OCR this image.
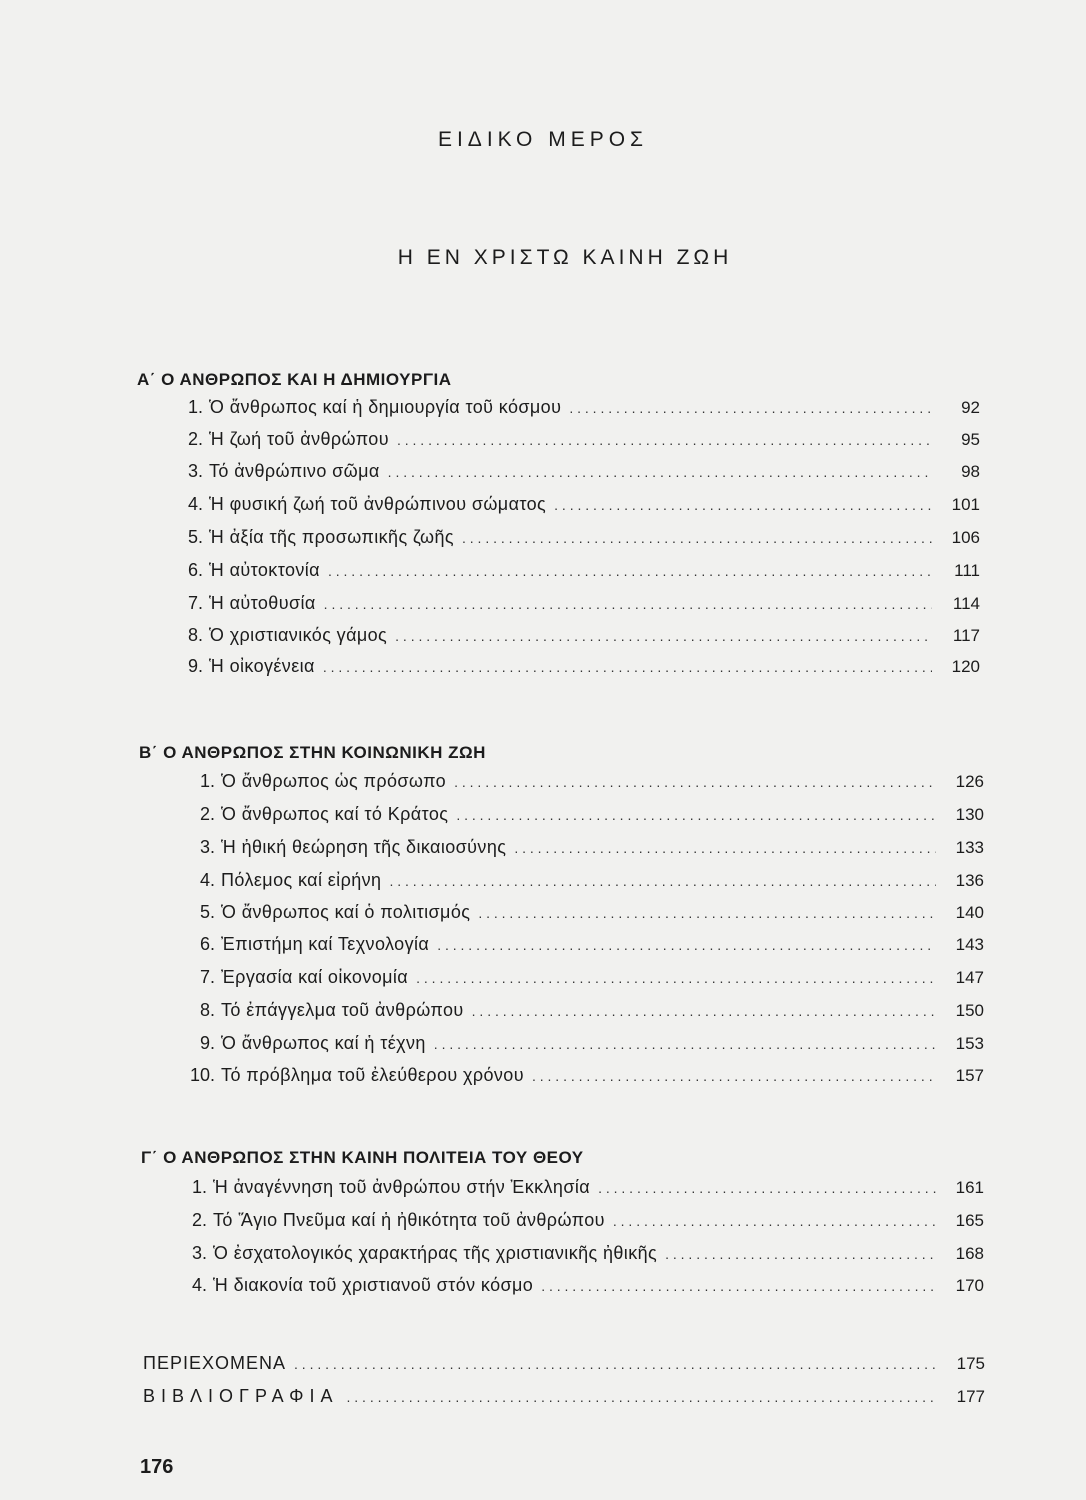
ΕΙΔΙΚΟ ΜΕΡΟΣ
Η ΕΝ ΧΡΙΣΤΩ ΚΑΙΝΗ ΖΩΗ
Α΄ Ο ΑΝΘΡΩΠΟΣ ΚΑΙ Η ΔΗΜΙΟΥΡΓΙΑ
1. Ὁ ἄνθρωπος καί ἡ δημιουργία τοῦ κόσμου . . .	92
2. Ἡ ζωή τοῦ ἀνθρώπου . . .	95
3. Τό ἀνθρώπινο σῶμα . . .	98
4. Ἡ φυσική ζωή τοῦ ἀνθρώπινου σώματος . . .	101
5. Ἡ ἀξία τῆς προσωπικῆς ζωῆς . . .	106
6. Ἡ αὐτοκτονία . . .	111
7. Ἡ αὐτοθυσία . . .	114
8. Ὁ χριστιανικός γάμος . . .	117
9. Ἡ οἰκογένεια . . .	120
Β΄ Ο ΑΝΘΡΩΠΟΣ ΣΤΗΝ ΚΟΙΝΩΝΙΚΗ ΖΩΗ
1. Ὁ ἄνθρωπος ὡς πρόσωπο . . .	126
2. Ὁ ἄνθρωπος καί τό Κράτος . . .	130
3. Ἡ ἠθική θεώρηση τῆς δικαιοσύνης . . .	133
4. Πόλεμος καί εἰρήνη . . .	136
5. Ὁ ἄνθρωπος καί ὁ πολιτισμός . . .	140
6. Ἐπιστήμη καί Τεχνολογία . . .	143
7. Ἐργασία καί οἰκονομία . . .	147
8. Τό ἐπάγγελμα τοῦ ἀνθρώπου . . .	150
9. Ὁ ἄνθρωπος καί ἡ τέχνη . . .	153
10. Τό πρόβλημα τοῦ ἐλεύθερου χρόνου . . .	157
Γ΄ Ο ΑΝΘΡΩΠΟΣ ΣΤΗΝ ΚΑΙΝΗ ΠΟΛΙΤΕΙΑ ΤΟΥ ΘΕΟΥ
1. Ἡ ἀναγέννηση τοῦ ἀνθρώπου στήν Ἐκκλησία . . .	161
2. Τό Ἅγιο Πνεῦμα καί ἡ ἠθικότητα τοῦ ἀνθρώπου . . .	165
3. Ὁ ἐσχατολογικός χαρακτήρας τῆς χριστιανικῆς ἠθικῆς . . .	168
4. Ἡ διακονία τοῦ χριστιανοῦ στόν κόσμο . . .	170
ΠΕΡΙΕΧΟΜΕΝΑ . . .	175
ΒΙΒΛΙΟΓΡΑΦΙΑ . . .	177
176
